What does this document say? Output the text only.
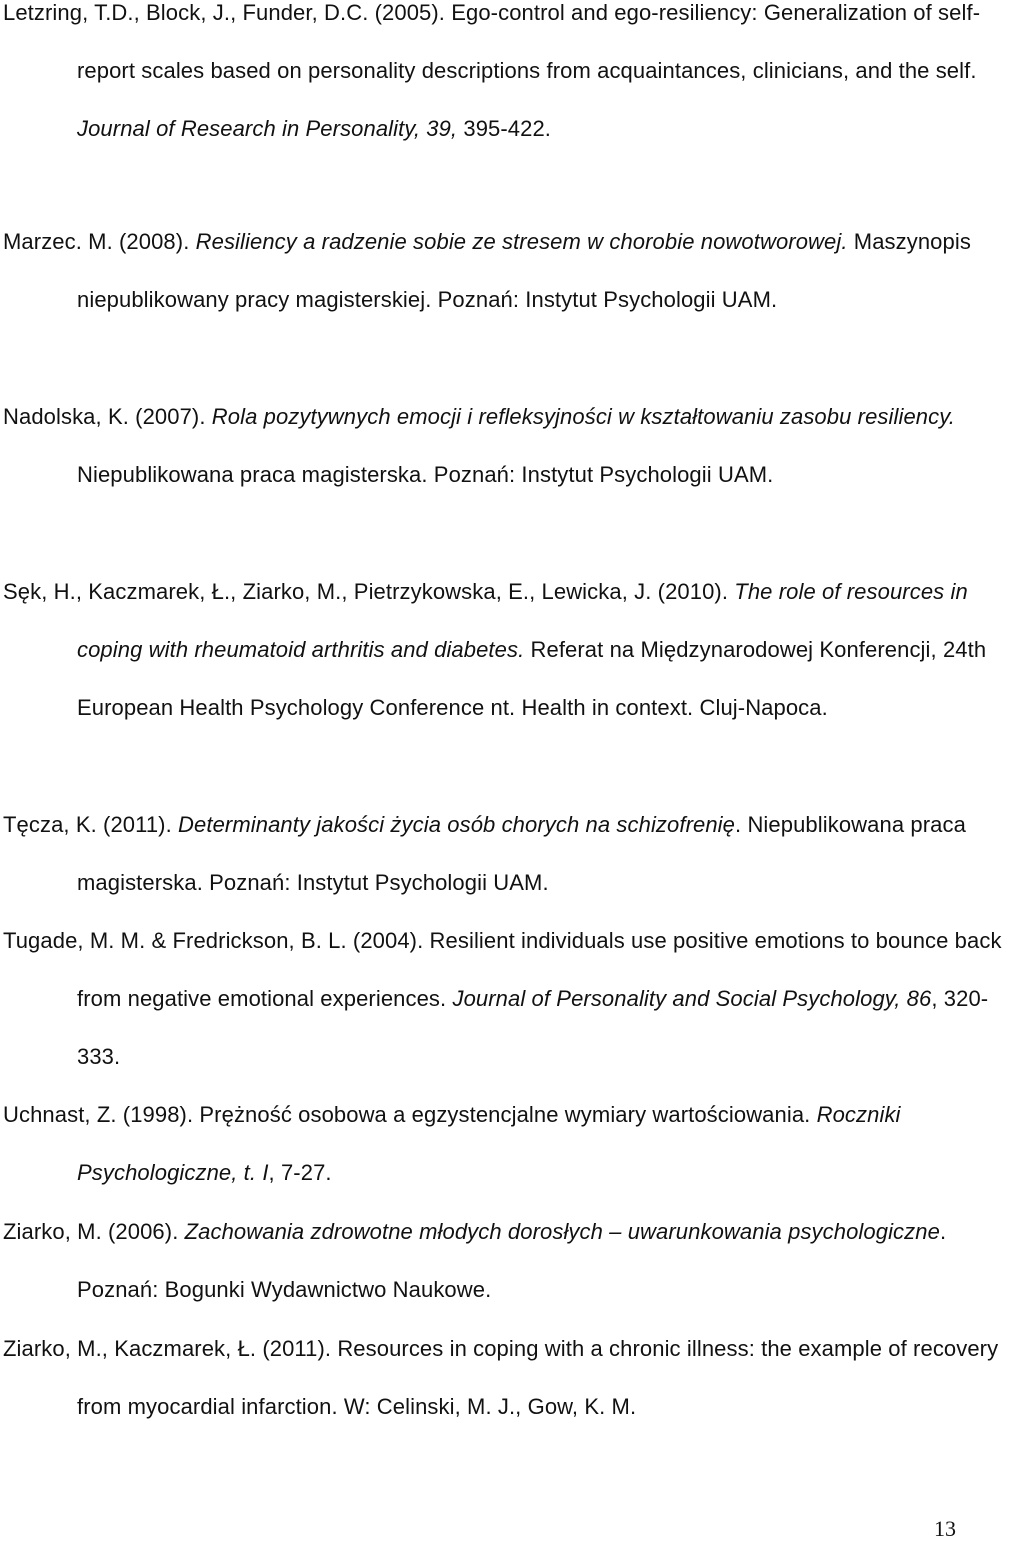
Letzring, T.D., Block, J., Funder, D.C. (2005). Ego-control and ego-resiliency: Generalization of self-report scales based on personality descriptions from acquaintances, clinicians, and the self. Journal of Research in Personality, 39, 395-422.

Marzec. M. (2008). Resiliency a radzenie sobie ze stresem w chorobie nowotworowej. Maszynopis niepublikowany pracy magisterskiej. Poznań: Instytut Psychologii UAM.

Nadolska, K. (2007). Rola pozytywnych emocji i refleksyjności w kształtowaniu zasobu resiliency. Niepublikowana praca magisterska. Poznań: Instytut Psychologii UAM.

Sęk, H., Kaczmarek, Ł., Ziarko, M., Pietrzykowska, E., Lewicka, J. (2010). The role of resources in coping with rheumatoid arthritis and diabetes. Referat na Międzynarodowej Konferencji, 24th European Health Psychology Conference nt. Health in context. Cluj-Napoca.

Tęcza, K. (2011). Determinanty jakości życia osób chorych na schizofrenię. Niepublikowana praca magisterska. Poznań: Instytut Psychologii UAM.

Tugade, M. M. & Fredrickson, B. L. (2004). Resilient individuals use positive emotions to bounce back from negative emotional experiences. Journal of Personality and Social Psychology, 86, 320-333.

Uchnast, Z. (1998). Prężność osobowa a egzystencjalne wymiary wartościowania. Roczniki Psychologiczne, t. I, 7-27.

Ziarko, M. (2006). Zachowania zdrowotne młodych dorosłych – uwarunkowania psychologiczne. Poznań: Bogunki Wydawnictwo Naukowe.

Ziarko, M., Kaczmarek, Ł. (2011). Resources in coping with a chronic illness: the example of recovery from myocardial infarction. W: Celinski, M. J., Gow, K. M.

13
